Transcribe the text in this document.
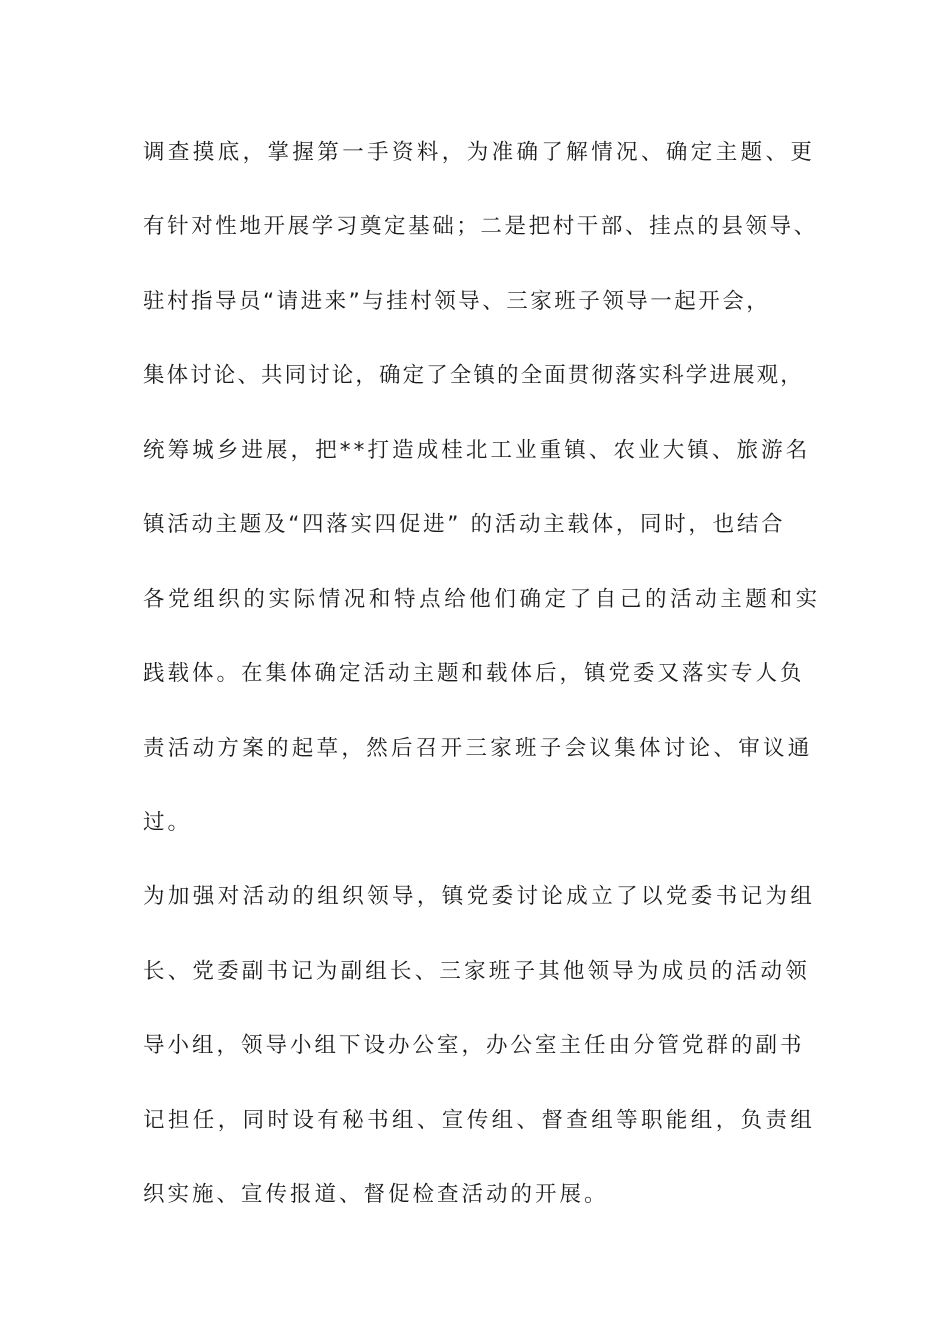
调查摸底，掌握第一手资料，为准确了解情况、确定主题、更
有针对性地开展学习奠定基础；二是把村干部、挂点的县领导、
驻村指导员“请进来”与挂村领导、三家班子领导一起开会，
集体讨论、共同讨论，确定了全镇的全面贯彻落实科学进展观，
统筹城乡进展，把**打造成桂北工业重镇、农业大镇、旅游名
镇活动主题及“四落实四促进” 的活动主载体，同时，也结合
各党组织的实际情况和特点给他们确定了自己的活动主题和实
践载体。在集体确定活动主题和载体后，镇党委又落实专人负
责活动方案的起草，然后召开三家班子会议集体讨论、审议通
过。
为加强对活动的组织领导，镇党委讨论成立了以党委书记为组
长、党委副书记为副组长、三家班子其他领导为成员的活动领
导小组，领导小组下设办公室，办公室主任由分管党群的副书
记担任，同时设有秘书组、宣传组、督查组等职能组，负责组
织实施、宣传报道、督促检查活动的开展。
